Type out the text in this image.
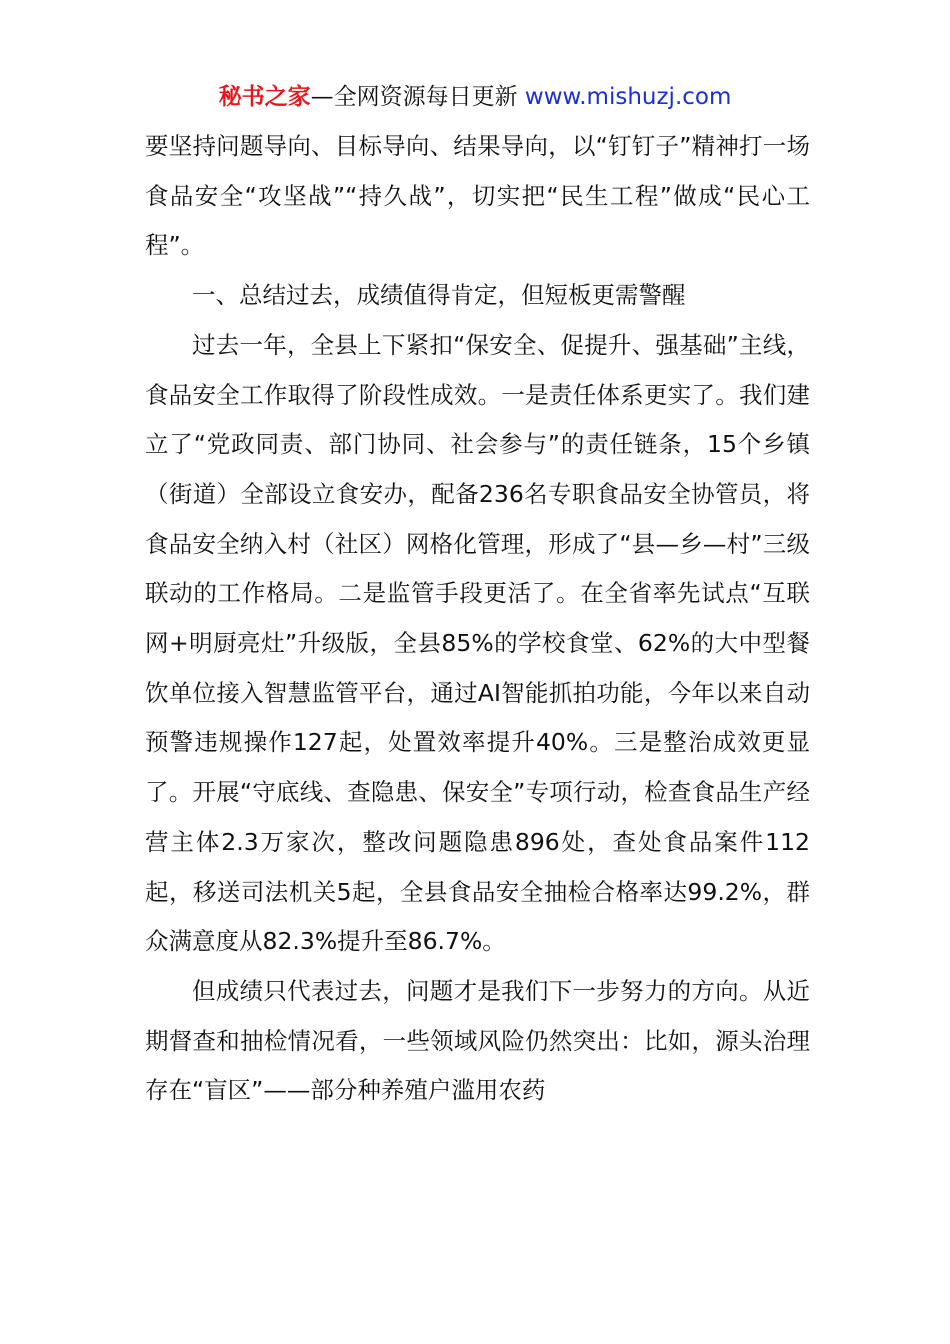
秘书之家—全网资源每日更新 www.mishuzj.com

要坚持问题导向、目标导向、结果导向，以“钉钉子”精神打一场食品安全“攻坚战”“持久战”，切实把“民生工程”做成“民心工程”。

一、总结过去，成绩值得肯定，但短板更需警醒

过去一年，全县上下紧扣“保安全、促提升、强基础”主线，食品安全工作取得了阶段性成效。一是责任体系更实了。我们建立了“党政同责、部门协同、社会参与”的责任链条，15个乡镇（街道）全部设立食安办，配备236名专职食品安全协管员，将食品安全纳入村（社区）网格化管理，形成了“县—乡—村”三级联动的工作格局。二是监管手段更活了。在全省率先试点“互联网+明厨亮灶”升级版，全县85%的学校食堂、62%的大中型餐饮单位接入智慧监管平台，通过AI智能抓拍功能，今年以来自动预警违规操作127起，处置效率提升40%。三是整治成效更显了。开展“守底线、查隐患、保安全”专项行动，检查食品生产经营主体2.3万家次，整改问题隐患896处，查处食品案件112起，移送司法机关5起，全县食品安全抽检合格率达99.2%，群众满意度从82.3%提升至86.7%。

但成绩只代表过去，问题才是我们下一步努力的方向。从近期督查和抽检情况看，一些领域风险仍然突出：比如，源头治理存在“盲区”——部分种养殖户滥用农药
